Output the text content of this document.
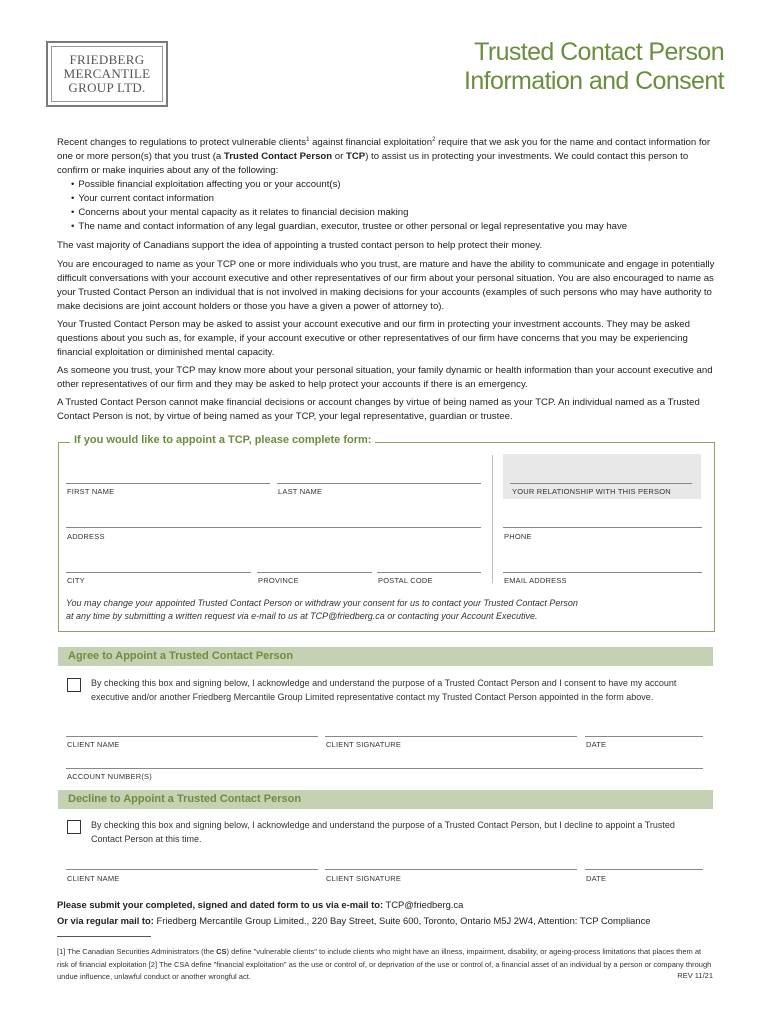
FRIEDBERG
MERCANTILE
GROUP LTD.
Trusted Contact Person
Information and Consent

Recent changes to regulations to protect vulnerable clients$^1$ against financial exploitation$^2$ require that we ask you for the name and contact information for one or more person(s) that you trust (a Trusted Contact Person or TCP) to assist us in protecting your investments. We could contact this person to confirm or make inquiries about any of the following:

• Possible financial exploitation affecting you or your account(s)
• Your current contact information
• Concerns about your mental capacity as it relates to financial decision making
• The name and contact information of any legal guardian, executor, trustee or other personal or legal representative you may have

The vast majority of Canadians support the idea of appointing a trusted contact person to help protect their money.

You are encouraged to name as your TCP one or more individuals who you trust, are mature and have the ability to communicate and engage in potentially difficult conversations with your account executive and other representatives of our firm about your personal situation. You are also encouraged to name as your Trusted Contact Person an individual that is not involved in making decisions for your accounts (examples of such persons who may have authority to make decisions are joint account holders or those you have a given a power of attorney to).

Your Trusted Contact Person may be asked to assist your account executive and our firm in protecting your investment accounts. They may be asked questions about you such as, for example, if your account executive or other representatives of our firm have concerns that you may be experiencing financial exploitation or diminished mental capacity.

As someone you trust, your TCP may know more about your personal situation, your family dynamic or health information than your account executive and other representatives of our firm and they may be asked to help protect your accounts if there is an emergency.

A Trusted Contact Person cannot make financial decisions or account changes by virtue of being named as your TCP. An individual named as a Trusted Contact Person is not, by virtue of being named as your TCP, your legal representative, guardian or trustee.

If you would like to appoint a TCP, please complete form:
FIRST NAME	LAST NAME	YOUR RELATIONSHIP WITH THIS PERSON
ADDRESS	PHONE
CITY	PROVINCE	POSTAL CODE	EMAIL ADDRESS
You may change your appointed Trusted Contact Person or withdraw your consent for us to contact your Trusted Contact Person
at any time by submitting a written request via e-mail to us at TCP@friedberg.ca or contacting your Account Executive.
Agree to Appoint a Trusted Contact Person
By checking this box and signing below, I acknowledge and understand the purpose of a Trusted Contact Person and I consent to have my account executive and/or another Friedberg Mercantile Group Limited representative contact my Trusted Contact Person appointed in the form above.
CLIENT NAME	CLIENT SIGNATURE	DATE
ACCOUNT NUMBER(S)
Decline to Appoint a Trusted Contact Person
By checking this box and signing below, I acknowledge and understand the purpose of a Trusted Contact Person, but I decline to appoint a Trusted Contact Person at this time.
CLIENT NAME	CLIENT SIGNATURE	DATE
Please submit your completed, signed and dated form to us via e-mail to: TCP@friedberg.ca
Or via regular mail to: Friedberg Mercantile Group Limited., 220 Bay Street, Suite 600, Toronto, Ontario M5J 2W4, Attention: TCP Compliance
[1] The Canadian Securities Administrators (the CS) define "vulnerable clients" to include clients who might have an illness, impairment, disability, or ageing-process limitations that places them at risk of financial exploitation [2] The CSA define "financial exploitation" as the use or control of, or deprivation of the use or control of, a financial asset of an individual by a person or company through undue influence, unlawful conduct or another wrongful act.	REV 11/21
